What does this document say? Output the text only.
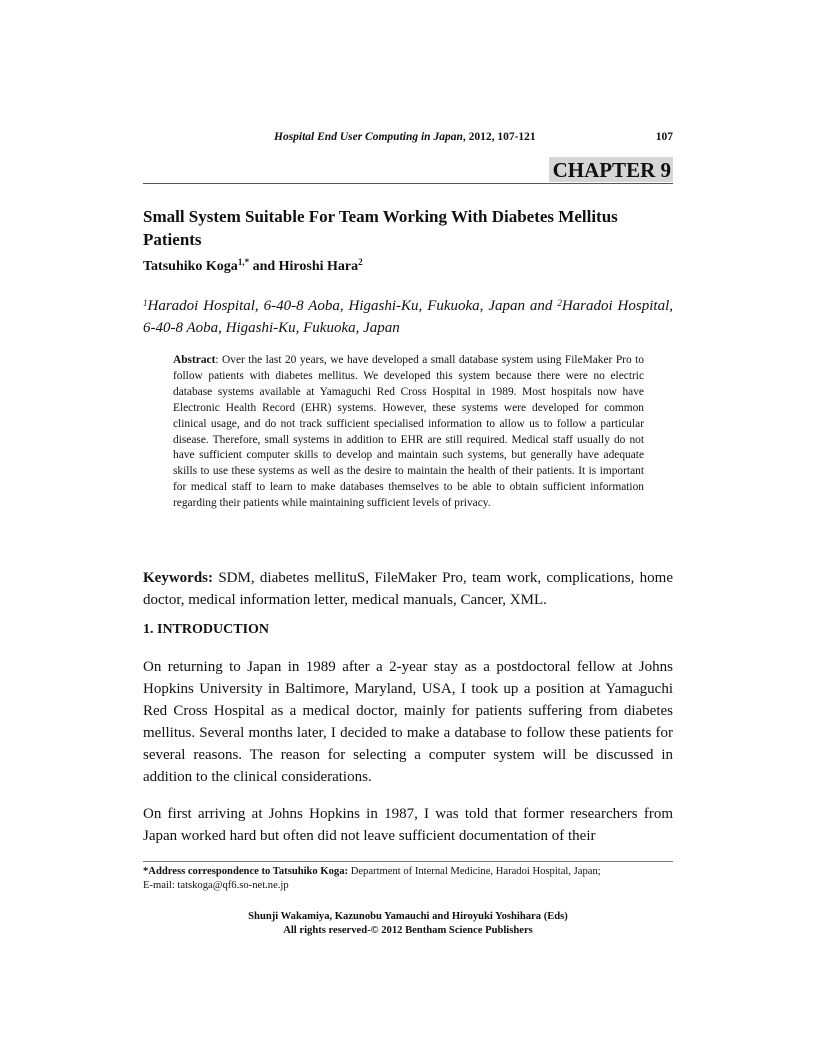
Hospital End User Computing in Japan, 2012, 107-121	107
CHAPTER 9
Small System Suitable For Team Working With Diabetes Mellitus Patients
Tatsuhiko Koga$^{1,*}$ and Hiroshi Hara$^2$
$^1$Haradoi Hospital, 6-40-8 Aoba, Higashi-Ku, Fukuoka, Japan and $^2$Haradoi Hospital, 6-40-8 Aoba, Higashi-Ku, Fukuoka, Japan
Abstract: Over the last 20 years, we have developed a small database system using FileMaker Pro to follow patients with diabetes mellitus. We developed this system because there were no electric database systems available at Yamaguchi Red Cross Hospital in 1989. Most hospitals now have Electronic Health Record (EHR) systems. However, these systems were developed for common clinical usage, and do not track sufficient specialised information to allow us to follow a particular disease. Therefore, small systems in addition to EHR are still required. Medical staff usually do not have sufficient computer skills to develop and maintain such systems, but generally have adequate skills to use these systems as well as the desire to maintain the health of their patients. It is important for medical staff to learn to make databases themselves to be able to obtain sufficient information regarding their patients while maintaining sufficient levels of privacy.
Keywords: SDM, diabetes mellituS, FileMaker Pro, team work, complications, home doctor, medical information letter, medical manuals, Cancer, XML.
1. INTRODUCTION
On returning to Japan in 1989 after a 2-year stay as a postdoctoral fellow at Johns Hopkins University in Baltimore, Maryland, USA, I took up a position at Yamaguchi Red Cross Hospital as a medical doctor, mainly for patients suffering from diabetes mellitus. Several months later, I decided to make a database to follow these patients for several reasons. The reason for selecting a computer system will be discussed in addition to the clinical considerations.
On first arriving at Johns Hopkins in 1987, I was told that former researchers from Japan worked hard but often did not leave sufficient documentation of their
*Address correspondence to Tatsuhiko Koga: Department of Internal Medicine, Haradoi Hospital, Japan;
E-mail: tatskoga@qf6.so-net.ne.jp
Shunji Wakamiya, Kazunobu Yamauchi and Hiroyuki Yoshihara (Eds)
All rights reserved-© 2012 Bentham Science Publishers
